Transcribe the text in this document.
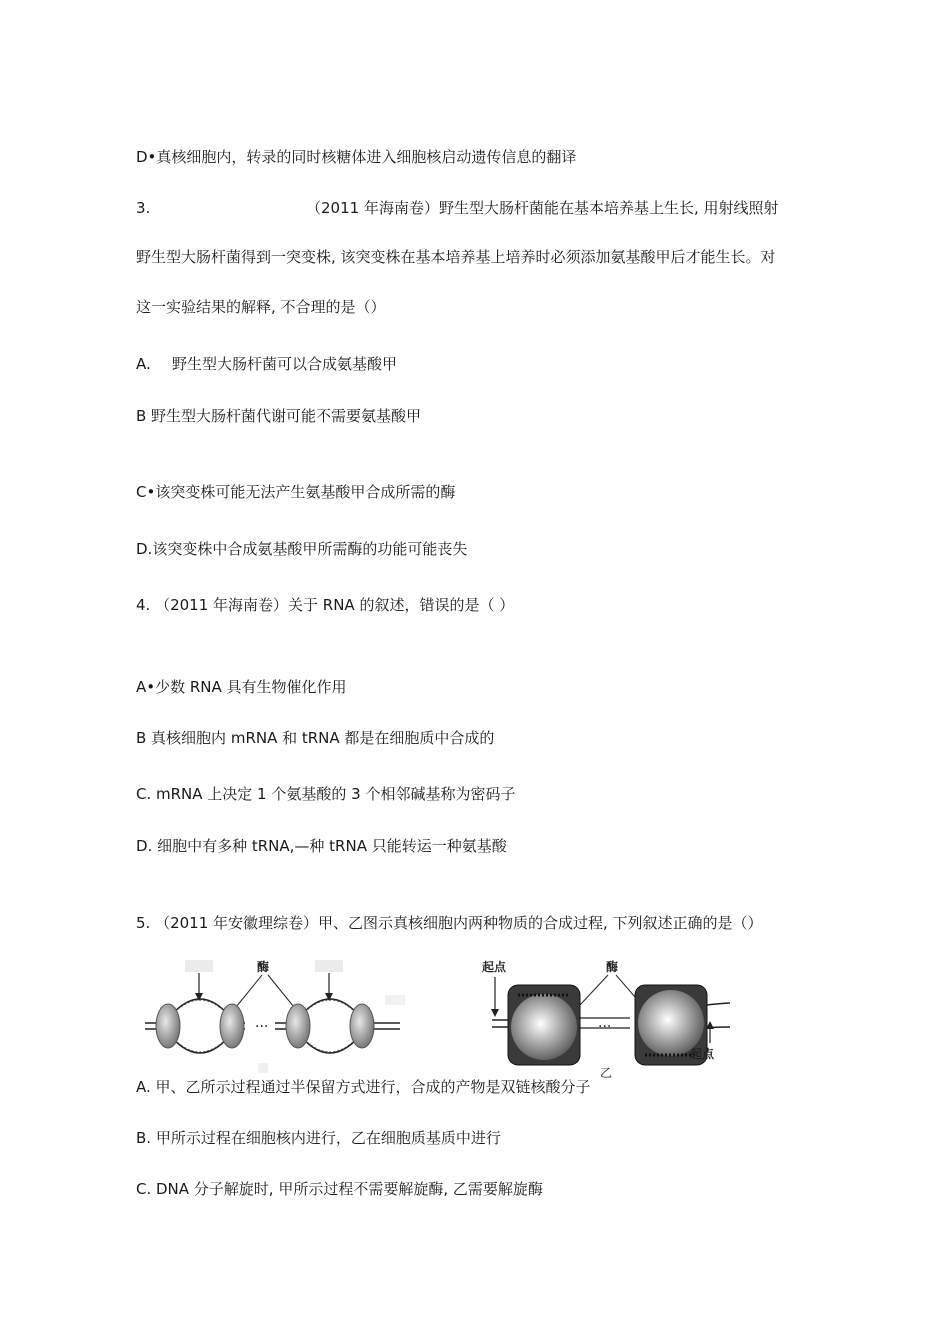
D•真核细胞内，转录的同时核糖体进入细胞核启动遗传信息的翻译
3.	（2011 年海南卷）野生型大肠杆菌能在基本培养基上生长, 用射线照射
野生型大肠杆菌得到一突变株, 该突变株在基本培养基上培养时必须添加氨基酸甲后才能生长。对
这一实验结果的解释, 不合理的是（）
A. 野生型大肠杆菌可以合成氨基酸甲
B 野生型大肠杆菌代谢可能不需要氨基酸甲
C•该突变株可能无法产生氨基酸甲合成所需的酶
D.该突变株中合成氨基酸甲所需酶的功能可能丧失
4. （2011 年海南卷）关于 RNA 的叙述，错误的是（ ）
A•少数 RNA 具有生物催化作用
B 真核细胞内 mRNA 和 tRNA 都是在细胞质中合成的
C. mRNA 上决定 1 个氨基酸的 3 个相邻碱基称为密码子
D. 细胞中有多种 tRNA,—种 tRNA 只能转运一种氨基酸
5. （2011 年安徽理综卷）甲、乙图示真核细胞内两种物质的合成过程, 下列叙述正确的是（）
酶
···
起点	酶
···
起点
乙
A. 甲、乙所示过程通过半保留方式进行，合成的产物是双链核酸分子
B. 甲所示过程在细胞核内进行，乙在细胞质基质中进行
C. DNA 分子解旋时, 甲所示过程不需要解旋酶, 乙需要解旋酶
